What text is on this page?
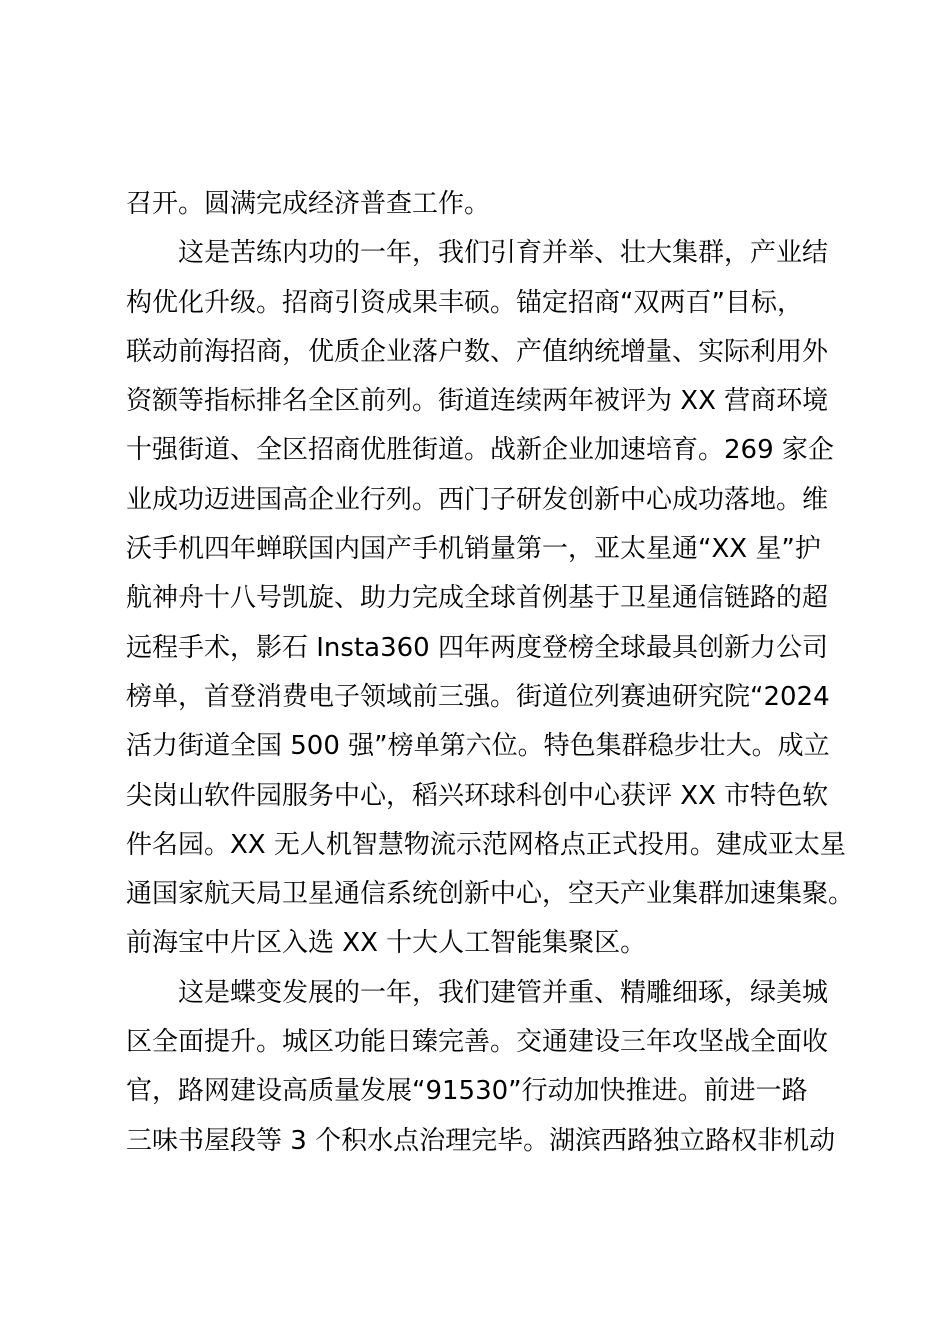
召开。圆满完成经济普查工作。
这是苦练内功的一年，我们引育并举、壮大集群，产业结
构优化升级。招商引资成果丰硕。锚定招商“双两百”目标，
联动前海招商，优质企业落户数、产值纳统增量、实际利用外
资额等指标排名全区前列。街道连续两年被评为 XX 营商环境
十强街道、全区招商优胜街道。战新企业加速培育。269 家企
业成功迈进国高企业行列。西门子研发创新中心成功落地。维
沃手机四年蝉联国内国产手机销量第一，亚太星通“XX 星”护
航神舟十八号凯旋、助力完成全球首例基于卫星通信链路的超
远程手术，影石 Insta360 四年两度登榜全球最具创新力公司
榜单，首登消费电子领域前三强。街道位列赛迪研究院“2024
活力街道全国 500 强”榜单第六位。特色集群稳步壮大。成立
尖岗山软件园服务中心，稻兴环球科创中心获评 XX 市特色软
件名园。XX 无人机智慧物流示范网格点正式投用。建成亚太星
通国家航天局卫星通信系统创新中心，空天产业集群加速集聚。
前海宝中片区入选 XX 十大人工智能集聚区。
这是蝶变发展的一年，我们建管并重、精雕细琢，绿美城
区全面提升。城区功能日臻完善。交通建设三年攻坚战全面收
官，路网建设高质量发展“91530”行动加快推进。前进一路
三味书屋段等 3 个积水点治理完毕。湖滨西路独立路权非机动
